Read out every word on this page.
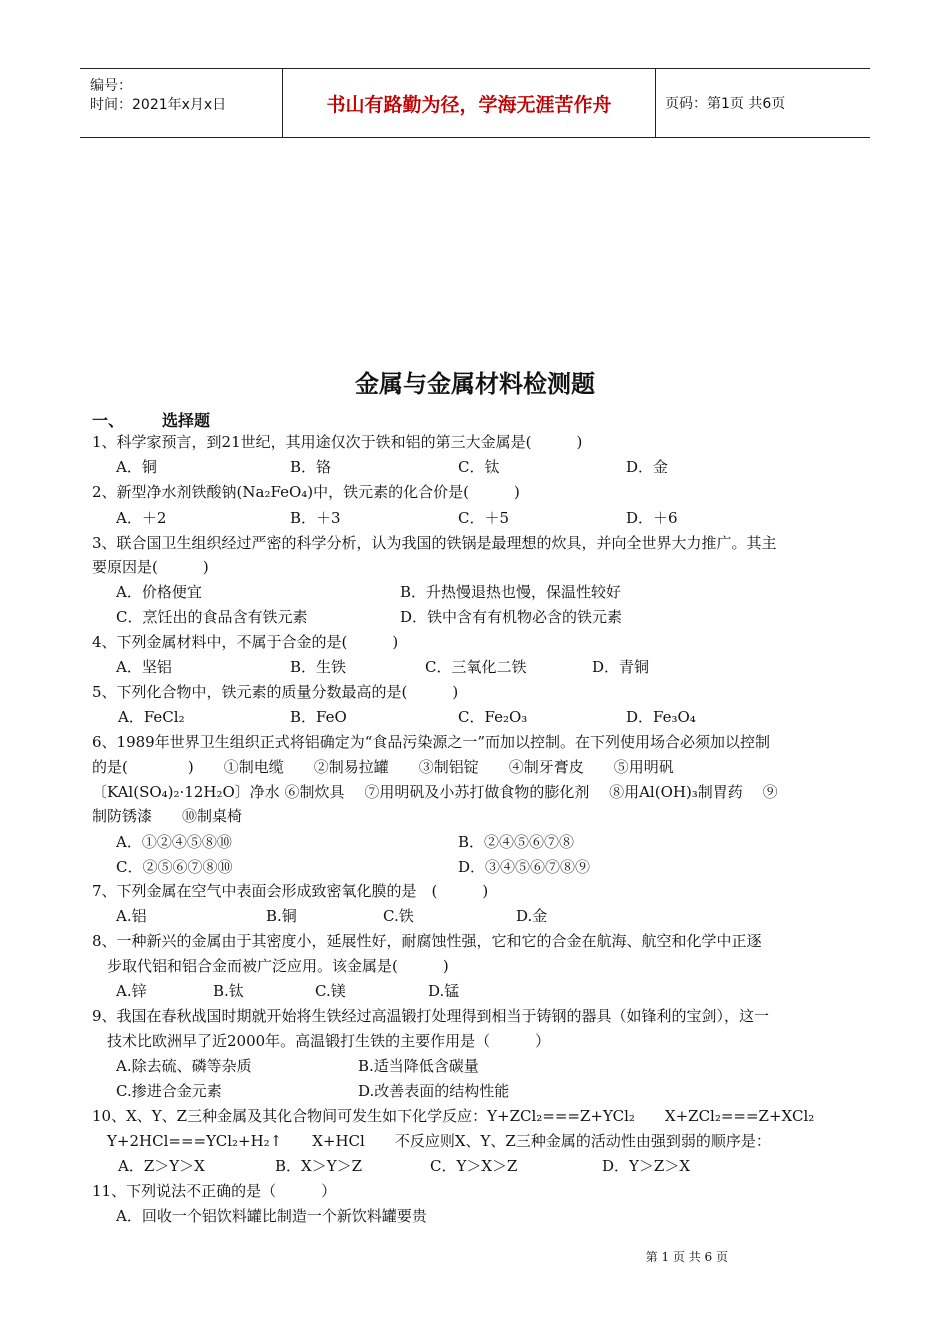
编号：
时间：2021年x月x日	书山有路勤为径，学海无涯苦作舟	页码：第1页 共6页
金属与金属材料检测题
一、 选择题
1、科学家预言，到21世纪，其用途仅次于铁和铝的第三大金属是(　　　)
A．铜	B．铬	C．钛	D．金
2、新型净水剂铁酸钠(Na₂FeO₄)中，铁元素的化合价是(　　　)
A．＋2	B．＋3	C．＋5	D．＋6
3、联合国卫生组织经过严密的科学分析，认为我国的铁锅是最理想的炊具，并向全世界大力推广。其主
要原因是(　　　)
A．价格便宜	B．升热慢退热也慢，保温性较好
C．烹饪出的食品含有铁元素	D．铁中含有有机物必含的铁元素
4、下列金属材料中，不属于合金的是(　　　)
A．坚铝	B．生铁	C．三氧化二铁	D．青铜
5、下列化合物中，铁元素的质量分数最高的是(　　　)
A．FeCl₂	B．FeO	C．Fe₂O₃	D．Fe₃O₄
6、1989年世界卫生组织正式将铝确定为“食品污染源之一”而加以控制。在下列使用场合必须加以控制
的是(　　　　)　　①制电缆　　②制易拉罐　　③制铝锭　　④制牙膏皮　　⑤用明矾
〔KAl(SO₄)₂·12H₂O〕净水 ⑥制炊具　 ⑦用明矾及小苏打做食物的膨化剂　 ⑧用Al(OH)₃制胃药　 ⑨
制防锈漆　　⑩制桌椅
A．①②④⑤⑧⑩	B．②④⑤⑥⑦⑧
C．②⑤⑥⑦⑧⑩	D．③④⑤⑥⑦⑧⑨
7、下列金属在空气中表面会形成致密氧化膜的是　(　　　)
A.铝	B.铜	C.铁	D.金
8、一种新兴的金属由于其密度小，延展性好，耐腐蚀性强，它和它的合金在航海、航空和化学中正逐
步取代铝和铝合金而被广泛应用。该金属是(　　　)
A.锌	B.钛	C.镁	D.锰
9、我国在春秋战国时期就开始将生铁经过高温锻打处理得到相当于铸钢的器具（如锋利的宝剑），这一
技术比欧洲早了近2000年。高温锻打生铁的主要作用是（　　　）
A.除去硫、磷等杂质	B.适当降低含碳量
C.掺进合金元素	D.改善表面的结构性能
10、X、Y、Z三种金属及其化合物间可发生如下化学反应：Y+ZCl₂===Z+YCl₂　　X+ZCl₂===Z+XCl₂
Y+2HCl===YCl₂+H₂↑　　X+HCl　　不反应则X、Y、Z三种金属的活动性由强到弱的顺序是：
A．Z＞Y＞X	B．X＞Y＞Z	C．Y＞X＞Z	D．Y＞Z＞X
11、下列说法不正确的是（　　　）
A．回收一个铝饮料罐比制造一个新饮料罐要贵
第 1 页 共 6 页
